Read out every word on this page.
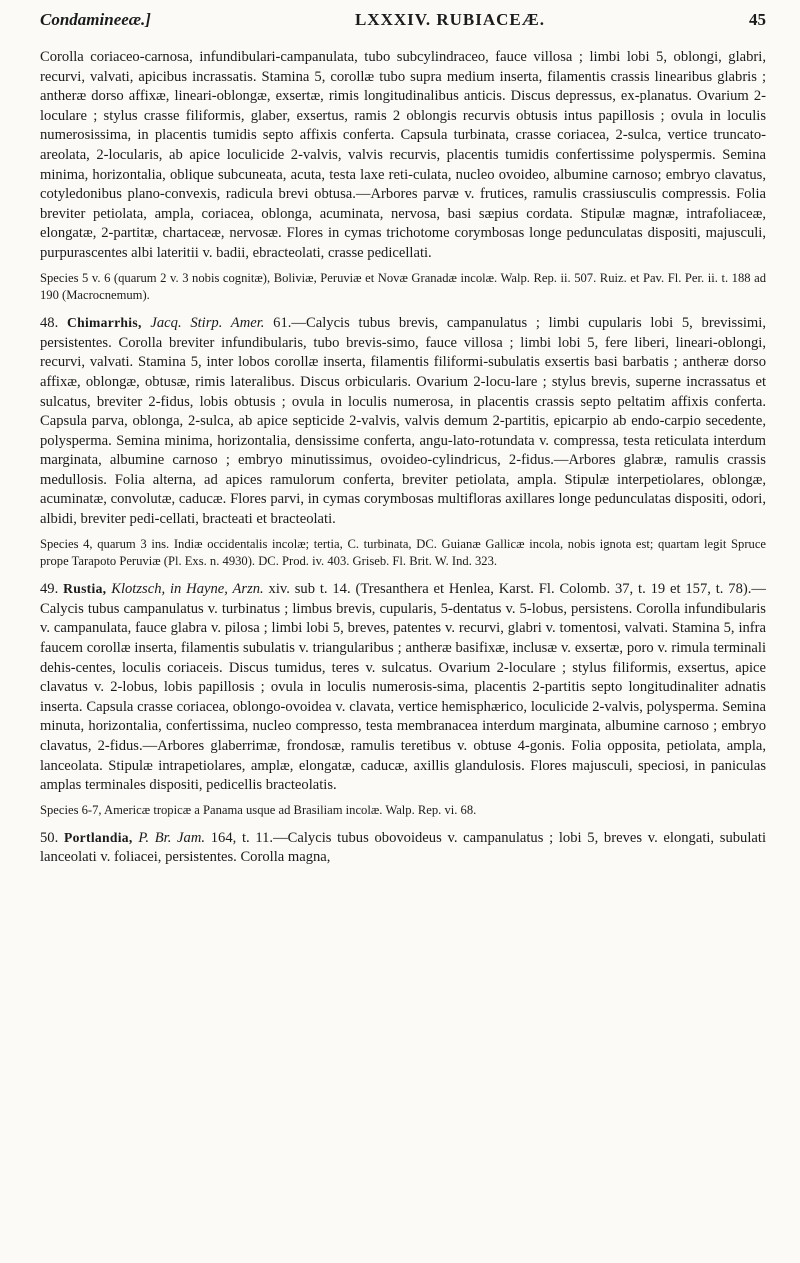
Condamineeæ.]	LXXXIV. RUBIACEÆ.	45

Corolla coriaceo-carnosa, infundibulari-campanulata, tubo subcylindraceo, fauce villosa ; limbi lobi 5, oblongi, glabri, recurvi, valvati, apicibus incrassatis. Stamina 5, corollæ tubo supra medium inserta, filamentis crassis linearibus glabris ; antheræ dorso affixæ, lineari-oblongæ, exsertæ, rimis longitudinalibus anticis. Discus depressus, ex-planatus. Ovarium 2-loculare ; stylus crasse filiformis, glaber, exsertus, ramis 2 oblongis recurvis obtusis intus papillosis ; ovula in loculis numerosissima, in placentis tumidis septo affixis conferta. Capsula turbinata, crasse coriacea, 2-sulca, vertice truncato-areolata, 2-locularis, ab apice loculicide 2-valvis, valvis recurvis, placentis tumidis confertissime polyspermis. Semina minima, horizontalia, oblique subcuneata, acuta, testa laxe reti-culata, nucleo ovoideo, albumine carnoso; embryo clavatus, cotyledonibus plano-convexis, radicula brevi obtusa.—Arbores parvæ v. frutices, ramulis crassiusculis compressis. Folia breviter petiolata, ampla, coriacea, oblonga, acuminata, nervosa, basi sæpius cordata. Stipulæ magnæ, intrafoliaceæ, elongatæ, 2-partitæ, chartaceæ, nervosæ. Flores in cymas trichotome corymbosas longe pedunculatas dispositi, majusculi, purpurascentes albi lateritii v. badii, ebracteolati, crasse pedicellati.

Species 5 v. 6 (quarum 2 v. 3 nobis cognitæ), Boliviæ, Peruviæ et Novæ Granadæ incolæ. Walp. Rep. ii. 507. Ruiz. et Pav. Fl. Per. ii. t. 188 ad 190 (Macrocnemum).

48. Chimarrhis, Jacq. Stirp. Amer. 61.—Calycis tubus brevis, campanulatus ; limbi cupularis lobi 5, brevissimi, persistentes. Corolla breviter infundibularis, tubo brevis-simo, fauce villosa ; limbi lobi 5, fere liberi, lineari-oblongi, recurvi, valvati. Stamina 5, inter lobos corollæ inserta, filamentis filiformi-subulatis exsertis basi barbatis ; antheræ dorso affixæ, oblongæ, obtusæ, rimis lateralibus. Discus orbicularis. Ovarium 2-locu-lare ; stylus brevis, superne incrassatus et sulcatus, breviter 2-fidus, lobis obtusis ; ovula in loculis numerosa, in placentis crassis septo peltatim affixis conferta. Capsula parva, oblonga, 2-sulca, ab apice septicide 2-valvis, valvis demum 2-partitis, epicarpio ab endo-carpio secedente, polysperma. Semina minima, horizontalia, densissime conferta, angu-lato-rotundata v. compressa, testa reticulata interdum marginata, albumine carnoso ; embryo minutissimus, ovoideo-cylindricus, 2-fidus.—Arbores glabræ, ramulis crassis medullosis. Folia alterna, ad apices ramulorum conferta, breviter petiolata, ampla. Stipulæ interpetiolares, oblongæ, acuminatæ, convolutæ, caducæ. Flores parvi, in cymas corymbosas multifloras axillares longe pedunculatas dispositi, odori, albidi, breviter pedi-cellati, bracteati et bracteolati.

Species 4, quarum 3 ins. Indiæ occidentalis incolæ; tertia, C. turbinata, DC. Guianæ Gallicæ incola, nobis ignota est; quartam legit Spruce prope Tarapoto Peruviæ (Pl. Exs. n. 4930). DC. Prod. iv. 403. Griseb. Fl. Brit. W. Ind. 323.

49. Rustia, Klotzsch, in Hayne, Arzn. xiv. sub t. 14. (Tresanthera et Henlea, Karst. Fl. Colomb. 37, t. 19 et 157, t. 78).—Calycis tubus campanulatus v. turbinatus ; limbus brevis, cupularis, 5-dentatus v. 5-lobus, persistens. Corolla infundibularis v. campanulata, fauce glabra v. pilosa ; limbi lobi 5, breves, patentes v. recurvi, glabri v. tomentosi, valvati. Stamina 5, infra faucem corollæ inserta, filamentis subulatis v. triangularibus ; antheræ basifixæ, inclusæ v. exsertæ, poro v. rimula terminali dehis-centes, loculis coriaceis. Discus tumidus, teres v. sulcatus. Ovarium 2-loculare ; stylus filiformis, exsertus, apice clavatus v. 2-lobus, lobis papillosis ; ovula in loculis numerosis-sima, placentis 2-partitis septo longitudinaliter adnatis inserta. Capsula crasse coriacea, oblongo-ovoidea v. clavata, vertice hemisphærico, loculicide 2-valvis, polysperma. Semina minuta, horizontalia, confertissima, nucleo compresso, testa membranacea interdum marginata, albumine carnoso ; embryo clavatus, 2-fidus.—Arbores glaberrimæ, frondosæ, ramulis teretibus v. obtuse 4-gonis. Folia opposita, petiolata, ampla, lanceolata. Stipulæ intrapetiolares, amplæ, elongatæ, caducæ, axillis glandulosis. Flores majusculi, speciosi, in paniculas amplas terminales dispositi, pedicellis bracteolatis.

Species 6-7, Americæ tropicæ a Panama usque ad Brasiliam incolæ. Walp. Rep. vi. 68.

50. Portlandia, P. Br. Jam. 164, t. 11.—Calycis tubus obovoideus v. campanulatus ; lobi 5, breves v. elongati, subulati lanceolati v. foliacei, persistentes. Corolla magna,
